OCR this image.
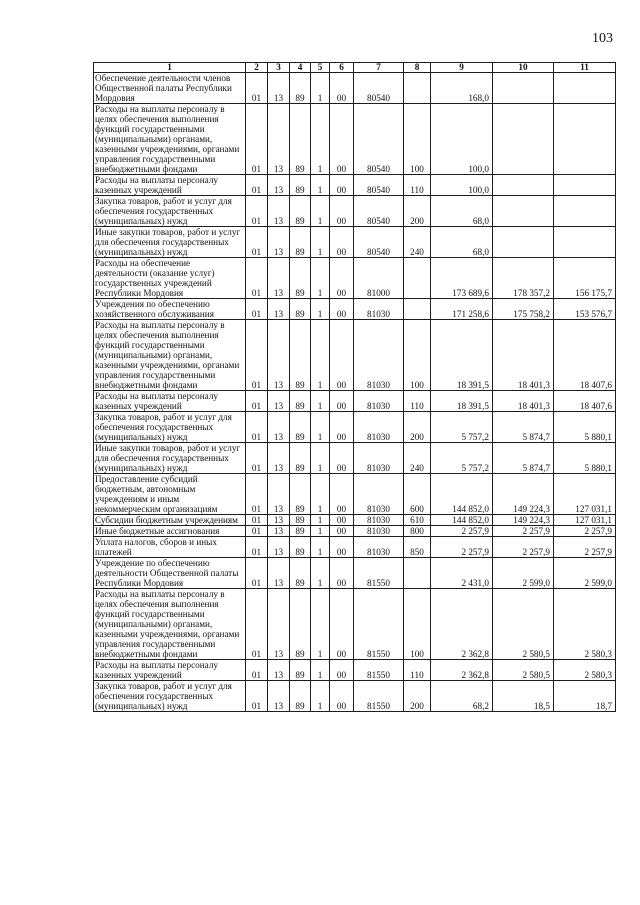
103
1	2	3	4	5	6	7	8	9	10	11
Обеспечение деятельности членов Общественной палаты Республики Мордовия	01	13	89	1	00	80540		168,0		
Расходы на выплаты персоналу в целях обеспечения выполнения функций государственными (муниципальными) органами, казенными учреждениями, органами управления государственными внебюджетными фондами	01	13	89	1	00	80540	100	100,0		
Расходы на выплаты персоналу казенных учреждений	01	13	89	1	00	80540	110	100,0		
Закупка товаров, работ и услуг для обеспечения государственных (муниципальных) нужд	01	13	89	1	00	80540	200	68,0		
Иные закупки товаров, работ и услуг для обеспечения государственных (муниципальных) нужд	01	13	89	1	00	80540	240	68,0		
Расходы на обеспечение деятельности (оказание услуг) государственных учреждений Республики Мордовия	01	13	89	1	00	81000		173 689,6	178 357,2	156 175,7
Учреждения по обеспечению хозяйственного обслуживания	01	13	89	1	00	81030		171 258,6	175 758,2	153 576,7
Расходы на выплаты персоналу в целях обеспечения выполнения функций государственными (муниципальными) органами, казенными учреждениями, органами управления государственными внебюджетными фондами	01	13	89	1	00	81030	100	18 391,5	18 401,3	18 407,6
Расходы на выплаты персоналу казенных учреждений	01	13	89	1	00	81030	110	18 391,5	18 401,3	18 407,6
Закупка товаров, работ и услуг для обеспечения государственных (муниципальных) нужд	01	13	89	1	00	81030	200	5 757,2	5 874,7	5 880,1
Иные закупки товаров, работ и услуг для обеспечения государственных (муниципальных) нужд	01	13	89	1	00	81030	240	5 757,2	5 874,7	5 880,1
Предоставление субсидий бюджетным, автономным учреждениям и иным некоммерческим организациям	01	13	89	1	00	81030	600	144 852,0	149 224,3	127 031,1
Субсидии бюджетным учреждениям	01	13	89	1	00	81030	610	144 852,0	149 224,3	127 031,1
Иные бюджетные ассигнования	01	13	89	1	00	81030	800	2 257,9	2 257,9	2 257,9
Уплата налогов, сборов и иных платежей	01	13	89	1	00	81030	850	2 257,9	2 257,9	2 257,9
Учреждение по обеспечению деятельности Общественной палаты Республики Мордовия	01	13	89	1	00	81550		2 431,0	2 599,0	2 599,0
Расходы на выплаты персоналу в целях обеспечения выполнения функций государственными (муниципальными) органами, казенными учреждениями, органами управления государственными внебюджетными фондами	01	13	89	1	00	81550	100	2 362,8	2 580,5	2 580,3
Расходы на выплаты персоналу казенных учреждений	01	13	89	1	00	81550	110	2 362,8	2 580,5	2 580,3
Закупка товаров, работ и услуг для обеспечения государственных (муниципальных) нужд	01	13	89	1	00	81550	200	68,2	18,5	18,7
